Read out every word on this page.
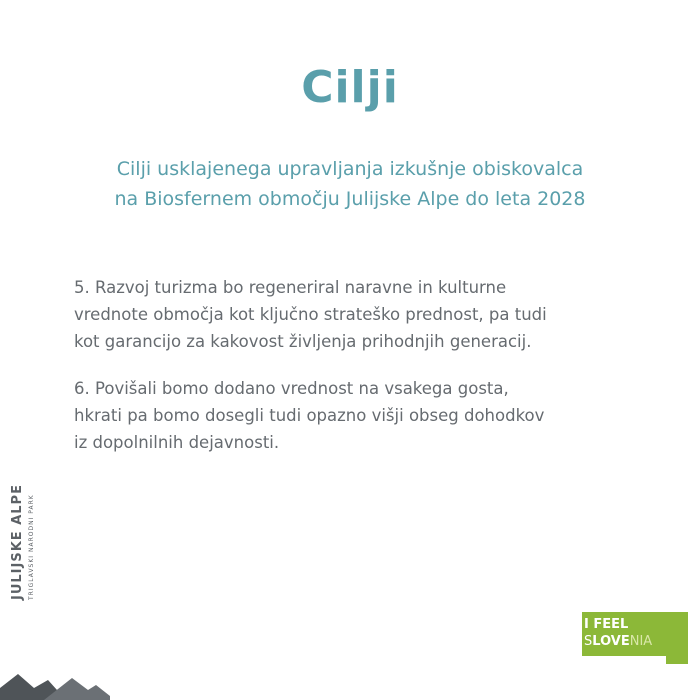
Cilji
Cilji usklajenega upravljanja izkušnje obiskovalca
na Biosfernem območju Julijske Alpe do leta 2028
5. Razvoj turizma bo regeneriral naravne in kulturne
vrednote območja kot ključno strateško prednost, pa tudi
kot garancijo za kakovost življenja prihodnjih generacij.
6. Povišali bomo dodano vrednost na vsakega gosta,
hkrati pa bomo dosegli tudi opazno višji obseg dohodkov
iz dopolnilnih dejavnosti.
JULIJSKE ALPE TRIGLAVSKI NARODNI PARK
I FEEL
SLOVENIA
